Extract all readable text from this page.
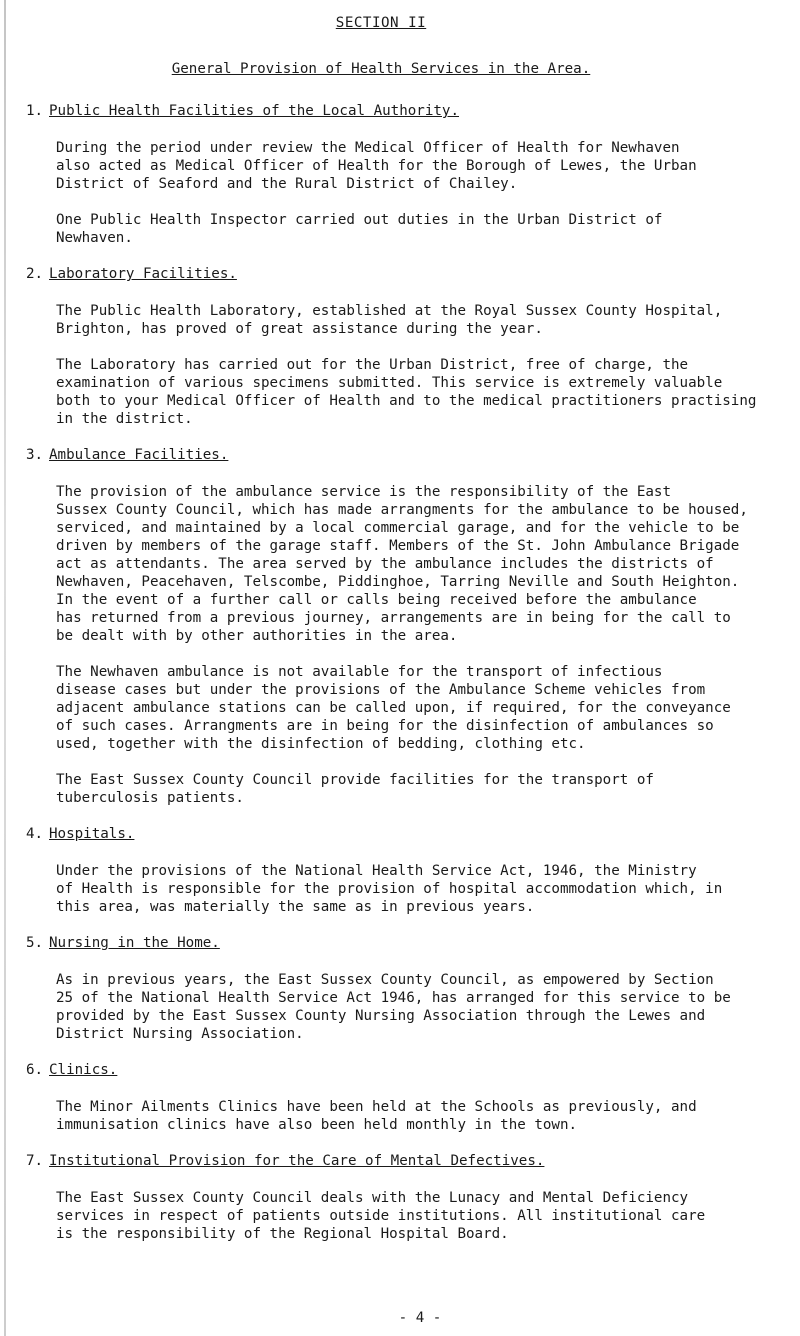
SECTION II
General Provision of Health Services in the Area.
1. Public Health Facilities of the Local Authority.
During the period under review the Medical Officer of Health for Newhaven
also acted as Medical Officer of Health for the Borough of Lewes, the Urban
District of Seaford and the Rural District of Chailey.
One Public Health Inspector carried out duties in the Urban District of
Newhaven.
2. Laboratory Facilities.
The Public Health Laboratory, established at the Royal Sussex County Hospital,
Brighton, has proved of great assistance during the year.
The Laboratory has carried out for the Urban District, free of charge, the
examination of various specimens submitted. This service is extremely valuable
both to your Medical Officer of Health and to the medical practitioners practising
in the district.
3. Ambulance Facilities.
The provision of the ambulance service is the responsibility of the East
Sussex County Council, which has made arrangments for the ambulance to be housed,
serviced, and maintained by a local commercial garage, and for the vehicle to be
driven by members of the garage staff. Members of the St. John Ambulance Brigade
act as attendants. The area served by the ambulance includes the districts of
Newhaven, Peacehaven, Telscombe, Piddinghoe, Tarring Neville and South Heighton.
In the event of a further call or calls being received before the ambulance
has returned from a previous journey, arrangements are in being for the call to
be dealt with by other authorities in the area.
The Newhaven ambulance is not available for the transport of infectious
disease cases but under the provisions of the Ambulance Scheme vehicles from
adjacent ambulance stations can be called upon, if required, for the conveyance
of such cases. Arrangments are in being for the disinfection of ambulances so
used, together with the disinfection of bedding, clothing etc.
The East Sussex County Council provide facilities for the transport of
tuberculosis patients.
4. Hospitals.
Under the provisions of the National Health Service Act, 1946, the Ministry
of Health is responsible for the provision of hospital accommodation which, in
this area, was materially the same as in previous years.
5. Nursing in the Home.
As in previous years, the East Sussex County Council, as empowered by Section
25 of the National Health Service Act 1946, has arranged for this service to be
provided by the East Sussex County Nursing Association through the Lewes and
District Nursing Association.
6. Clinics.
The Minor Ailments Clinics have been held at the Schools as previously, and
immunisation clinics have also been held monthly in the town.
7. Institutional Provision for the Care of Mental Defectives.
The East Sussex County Council deals with the Lunacy and Mental Deficiency
services in respect of patients outside institutions. All institutional care
is the responsibility of the Regional Hospital Board.
- 4 -
